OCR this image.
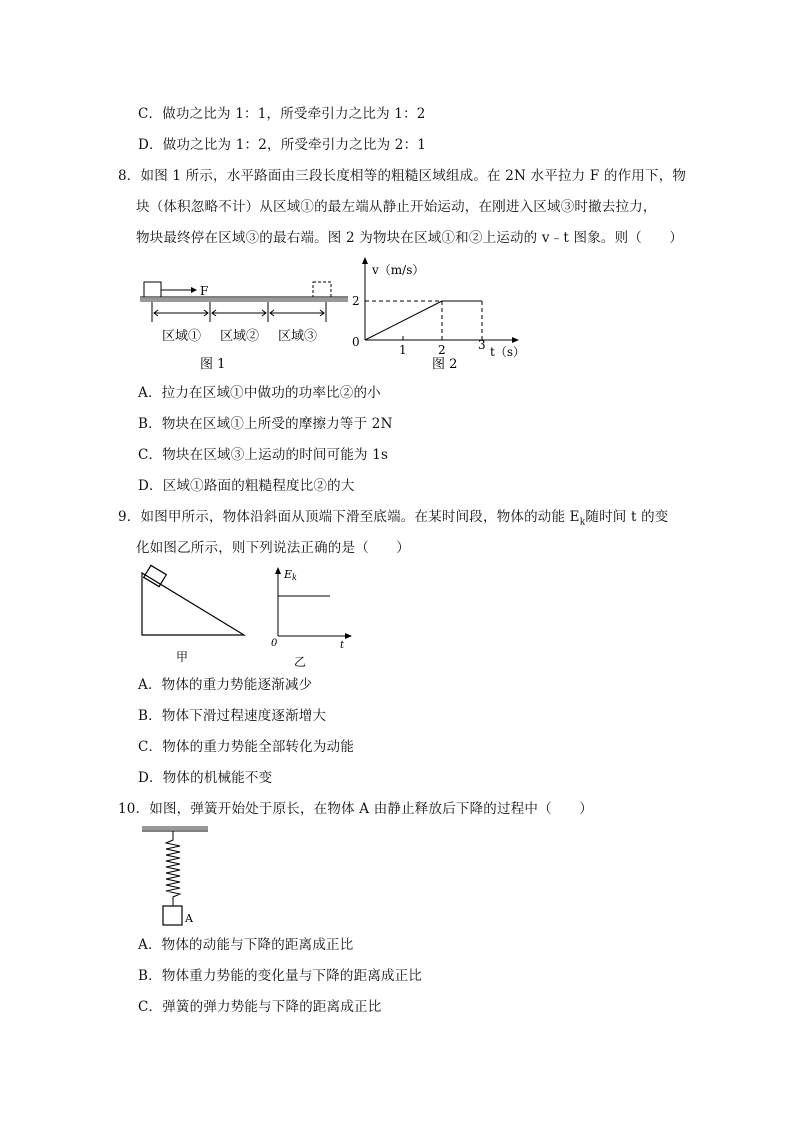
C．做功之比为 1：1，所受牵引力之比为 1：2
D．做功之比为 1：2，所受牵引力之比为 2：1
8．如图 1 所示，水平路面由三段长度相等的粗糙区域组成。在 2N 水平拉力 F 的作用下，物
块（体积忽略不计）从区域①的最左端从静止开始运动，在刚进入区域③时撤去拉力，
物块最终停在区域③的最右端。图 2 为物块在区域①和②上运动的 v﹣t 图象。则（　　）
F
区域① 区域② 区域③
图 1
v（m/s）
2
0
1	2	3 t（s）
图 2
A．拉力在区域①中做功的功率比②的小
B．物块在区域①上所受的摩擦力等于 2N
C．物块在区域③上运动的时间可能为 1s
D．区域①路面的粗糙程度比②的大
9．如图甲所示，物体沿斜面从顶端下滑至底端。在某时间段，物体的动能 $E_k$随时间 t 的变
化如图乙所示，则下列说法正确的是（　　）
甲
Ek
0	t
乙
A．物体的重力势能逐渐减少
B．物体下滑过程速度逐渐增大
C．物体的重力势能全部转化为动能
D．物体的机械能不变
10．如图，弹簧开始处于原长，在物体 A 由静止释放后下降的过程中（　　）
A
A．物体的动能与下降的距离成正比
B．物体重力势能的变化量与下降的距离成正比
C．弹簧的弹力势能与下降的距离成正比
